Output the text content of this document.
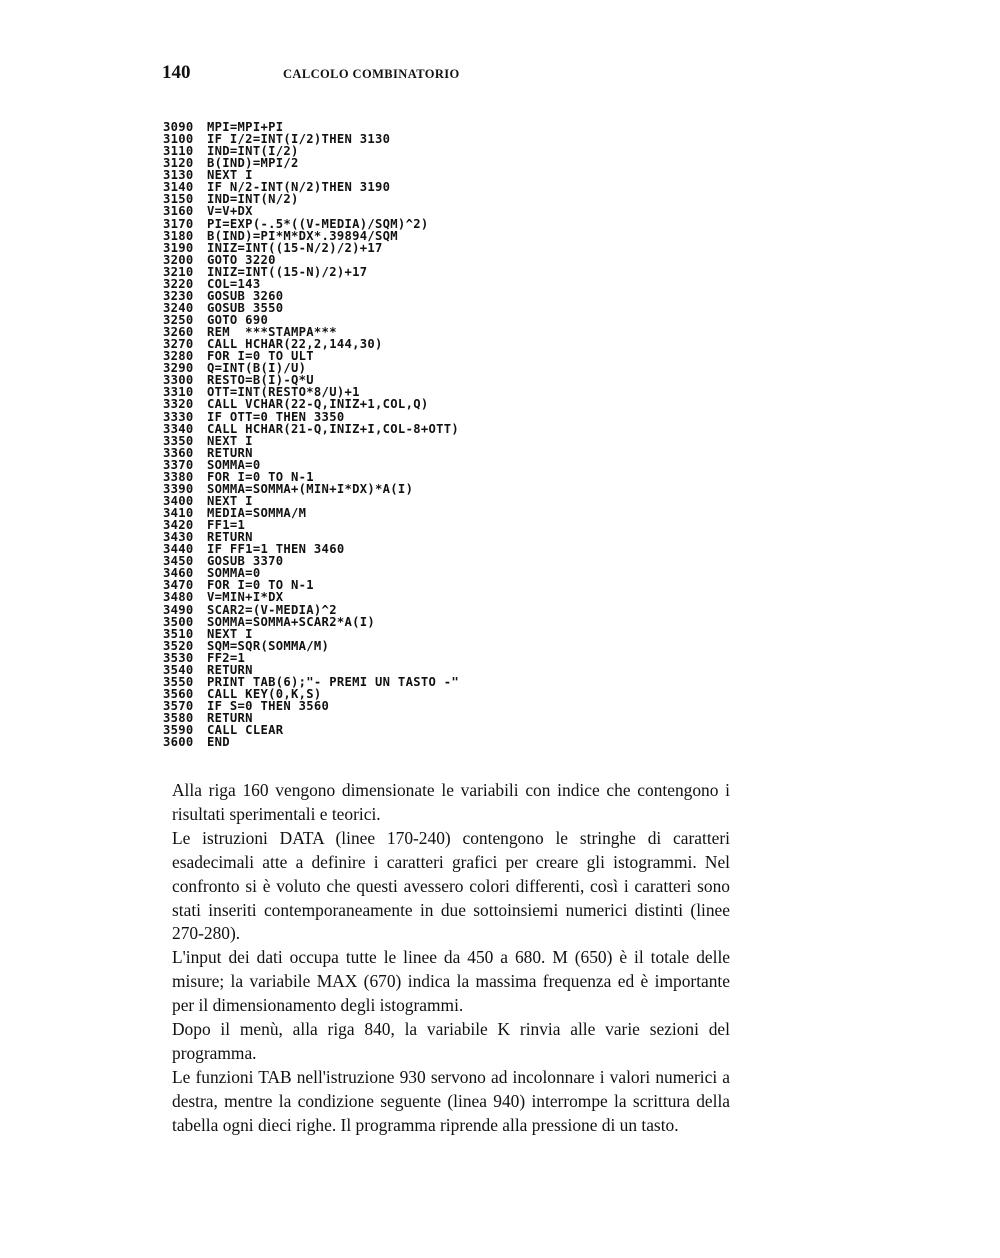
140	CALCOLO COMBINATORIO
3090 MPI=MPI+PI
3100 IF I/2=INT(I/2)THEN 3130
3110 IND=INT(I/2)
3120 B(IND)=MPI/2
3130 NEXT I
3140 IF N/2-INT(N/2)THEN 3190
3150 IND=INT(N/2)
3160 V=V+DX
3170 PI=EXP(-.5*((V-MEDIA)/SQM)^2)
3180 B(IND)=PI*M*DX*.39894/SQM
3190 INIZ=INT((15-N/2)/2)+17
3200 GOTO 3220
3210 INIZ=INT((15-N)/2)+17
3220 COL=143
3230 GOSUB 3260
3240 GOSUB 3550
3250 GOTO 690
3260 REM  ***STAMPA***
3270 CALL HCHAR(22,2,144,30)
3280 FOR I=0 TO ULT
3290 Q=INT(B(I)/U)
3300 RESTO=B(I)-Q*U
3310 OTT=INT(RESTO*8/U)+1
3320 CALL VCHAR(22-Q,INIZ+1,COL,Q)
3330 IF OTT=0 THEN 3350
3340 CALL HCHAR(21-Q,INIZ+I,COL-8+OTT)
3350 NEXT I
3360 RETURN
3370 SOMMA=0
3380 FOR I=0 TO N-1
3390 SOMMA=SOMMA+(MIN+I*DX)*A(I)
3400 NEXT I
3410 MEDIA=SOMMA/M
3420 FF1=1
3430 RETURN
3440 IF FF1=1 THEN 3460
3450 GOSUB 3370
3460 SOMMA=0
3470 FOR I=0 TO N-1
3480 V=MIN+I*DX
3490 SCAR2=(V-MEDIA)^2
3500 SOMMA=SOMMA+SCAR2*A(I)
3510 NEXT I
3520 SQM=SQR(SOMMA/M)
3530 FF2=1
3540 RETURN
3550 PRINT TAB(6);"- PREMI UN TASTO -"
3560 CALL KEY(0,K,S)
3570 IF S=0 THEN 3560
3580 RETURN
3590 CALL CLEAR
3600 END

Alla riga 160 vengono dimensionate le variabili con indice che contengono i risultati sperimentali e teorici.

Le istruzioni DATA (linee 170-240) contengono le stringhe di caratteri esadecimali atte a definire i caratteri grafici per creare gli istogrammi. Nel confronto si è voluto che questi avessero colori differenti, così i caratteri sono stati inseriti contemporaneamente in due sottoinsiemi numerici distinti (linee 270-280).

L'input dei dati occupa tutte le linee da 450 a 680. M (650) è il totale delle misure; la variabile MAX (670) indica la massima frequenza ed è importante per il dimensionamento degli istogrammi.

Dopo il menù, alla riga 840, la variabile K rinvia alle varie sezioni del programma.

Le funzioni TAB nell'istruzione 930 servono ad incolonnare i valori numerici a destra, mentre la condizione seguente (linea 940) interrompe la scrittura della tabella ogni dieci righe. Il programma riprende alla pressione di un tasto.
